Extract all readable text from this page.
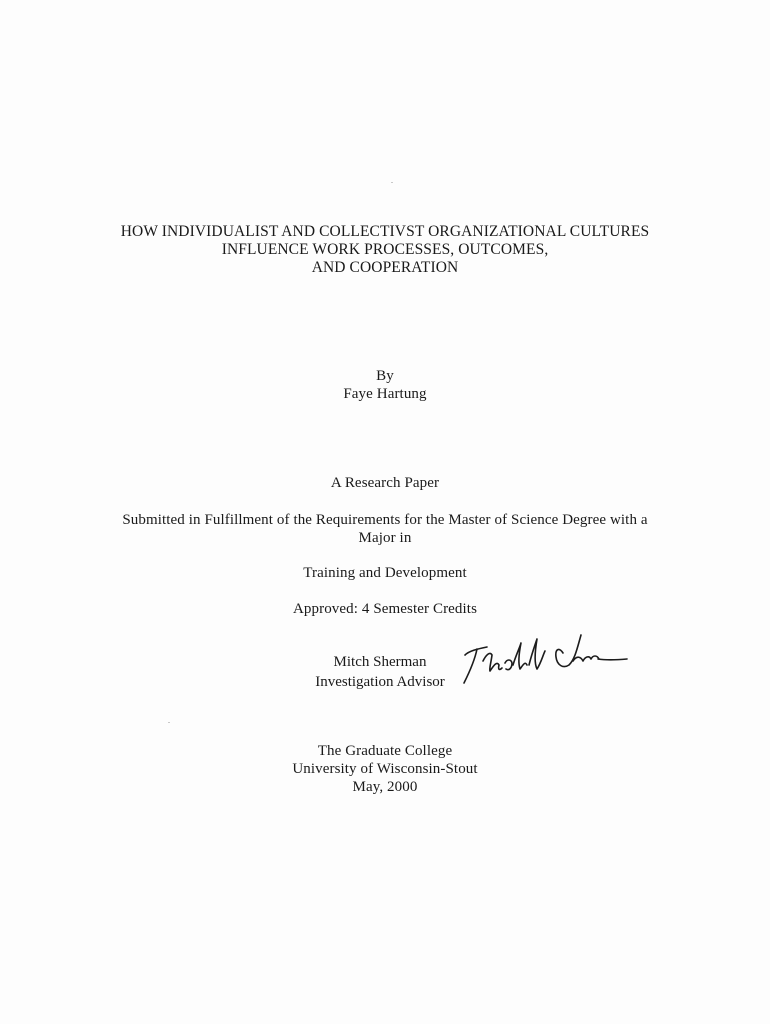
HOW INDIVIDUALIST AND COLLECTIVST ORGANIZATIONAL CULTURES
INFLUENCE WORK PROCESSES, OUTCOMES,
AND COOPERATION
By
Faye Hartung
A Research Paper
Submitted in Fulfillment of the Requirements for the Master of Science Degree with a
Major in
Training and Development
Approved: 4 Semester Credits
Mitch Sherman
Investigation Advisor
The Graduate College
University of Wisconsin-Stout
May, 2000
